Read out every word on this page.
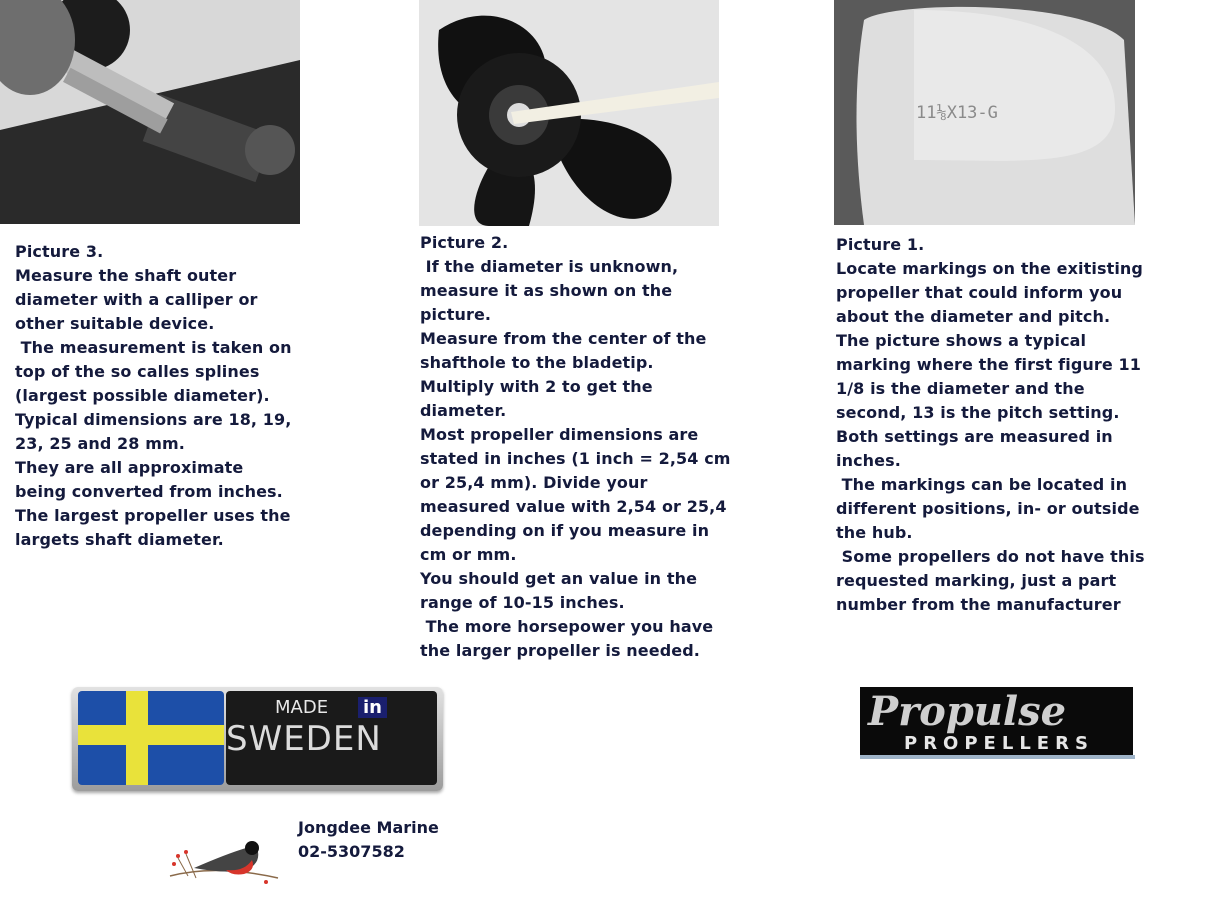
11⅛X13-G
Picture 3.
Measure the shaft outer
diameter with a calliper or
other suitable device.
The measurement is taken on
top of the so calles splines
(largest possible diameter).
Typical dimensions are 18, 19,
23, 25 and 28 mm.
They are all approximate
being converted from inches.
The largest propeller uses the
largets shaft diameter.
Picture 2.
If the diameter is unknown,
measure it as shown on the
picture.
Measure from the center of the
shafthole to the bladetip.
Multiply with 2 to get the
diameter.
Most propeller dimensions are
stated in inches (1 inch = 2,54 cm
or 25,4 mm). Divide your
measured value with 2,54 or 25,4
depending on if you measure in
cm or mm.
You should get an value in the
range of 10-15 inches.
The more horsepower you have
the larger propeller is needed.
Picture 1.
Locate markings on the exitisting
propeller that could inform you
about the diameter and pitch.
The picture shows a typical
marking where the first figure 11
1/8 is the diameter and the
second, 13 is the pitch setting.
Both settings are measured in
inches.
The markings can be located in
different positions, in- or outside
the hub.
Some propellers do not have this
requested marking, just a part
number from the manufacturer
MADE in
SWEDEN
Propulse
PROPELLERS
Jongdee Marine
02-5307582
